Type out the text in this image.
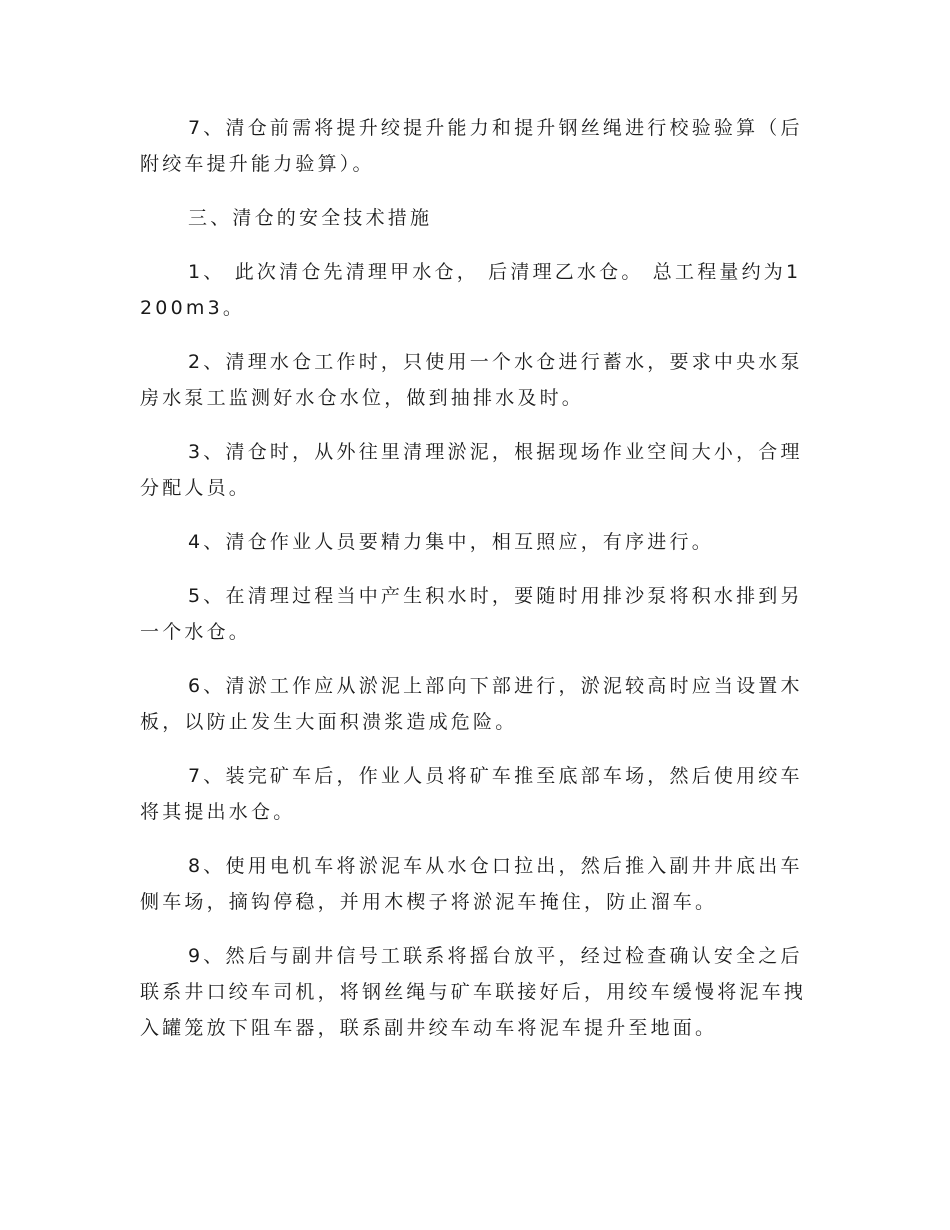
7、清仓前需将提升绞提升能力和提升钢丝绳进行校验验算（后附绞车提升能力验算）。

三、清仓的安全技术措施

1、 此次清仓先清理甲水仓， 后清理乙水仓。 总工程量约为1200m3。

2、清理水仓工作时，只使用一个水仓进行蓄水，要求中央水泵房水泵工监测好水仓水位，做到抽排水及时。

3、清仓时，从外往里清理淤泥，根据现场作业空间大小，合理分配人员。

4、清仓作业人员要精力集中，相互照应，有序进行。

5、在清理过程当中产生积水时，要随时用排沙泵将积水排到另一个水仓。

6、清淤工作应从淤泥上部向下部进行，淤泥较高时应当设置木板，以防止发生大面积溃浆造成危险。

7、装完矿车后，作业人员将矿车推至底部车场，然后使用绞车将其提出水仓。

8、使用电机车将淤泥车从水仓口拉出，然后推入副井井底出车侧车场，摘钩停稳，并用木楔子将淤泥车掩住，防止溜车。

9、然后与副井信号工联系将摇台放平，经过检查确认安全之后联系井口绞车司机，将钢丝绳与矿车联接好后，用绞车缓慢将泥车拽入罐笼放下阻车器，联系副井绞车动车将泥车提升至地面。
